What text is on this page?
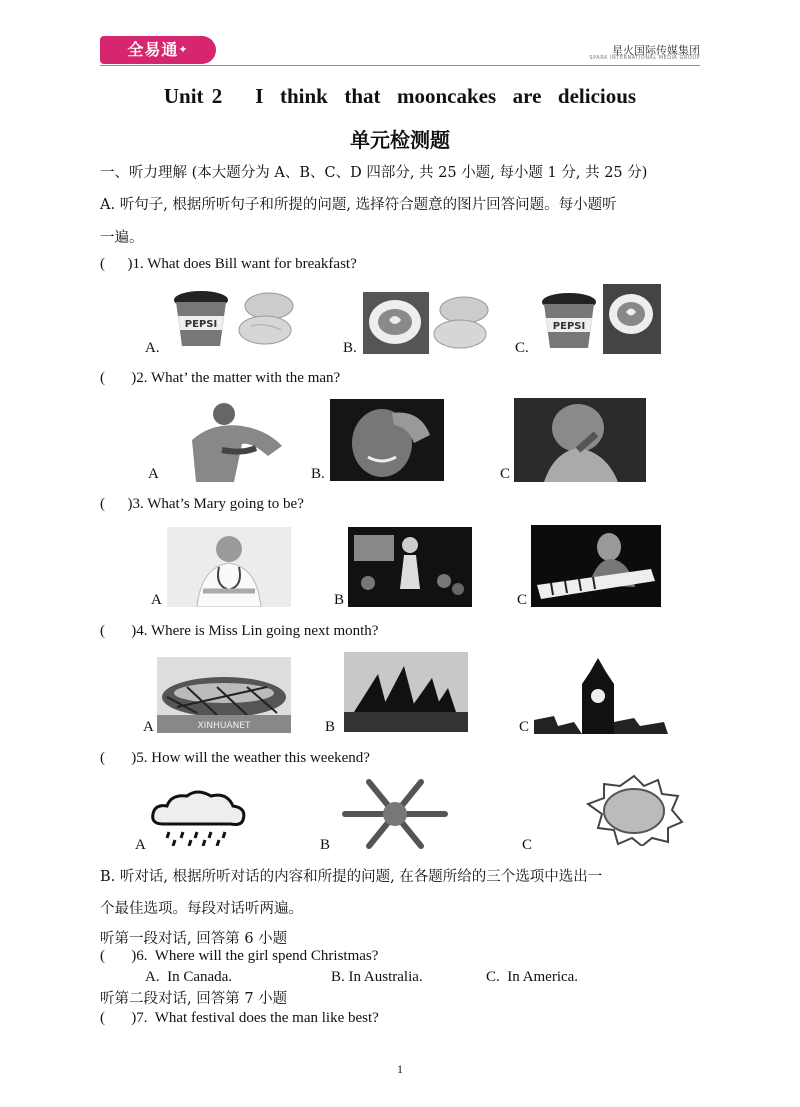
全易通✦	星火国际传媒集团
SPARK INTERNATIONAL MEDIA GROUP
Unit 2    I  think  that  mooncakes  are  delicious
单元检测题
一、听力理解 (本大题分为 A、B、C、D 四部分, 共 25 小题, 每小题 1 分, 共 25 分)
A. 听句子, 根据所听句子和所提的问题, 选择符合题意的图片回答问题。每小题听
一遍。
(      )1. What does Bill want for breakfast?
PEPSI	PEPSI
A.	B.	C.
(       )2. What’ the matter with the man?
A	B.	C
(      )3. What’s Mary going to be?
A	B	C
(       )4. Where is Miss Lin going next month?
XINHUANET
A	B	C
(       )5. How will the weather this weekend?
A	B	C
B. 听对话, 根据所听对话的内容和所提的问题, 在各题所给的三个选项中选出一
个最佳选项。每段对话听两遍。
听第一段对话, 回答第 6 小题
(       )6.  Where will the girl spend Christmas?
A.  In Canada.	B. In Australia.	C.  In America.
听第二段对话, 回答第 7 小题
(       )7.  What festival does the man like best?
1
